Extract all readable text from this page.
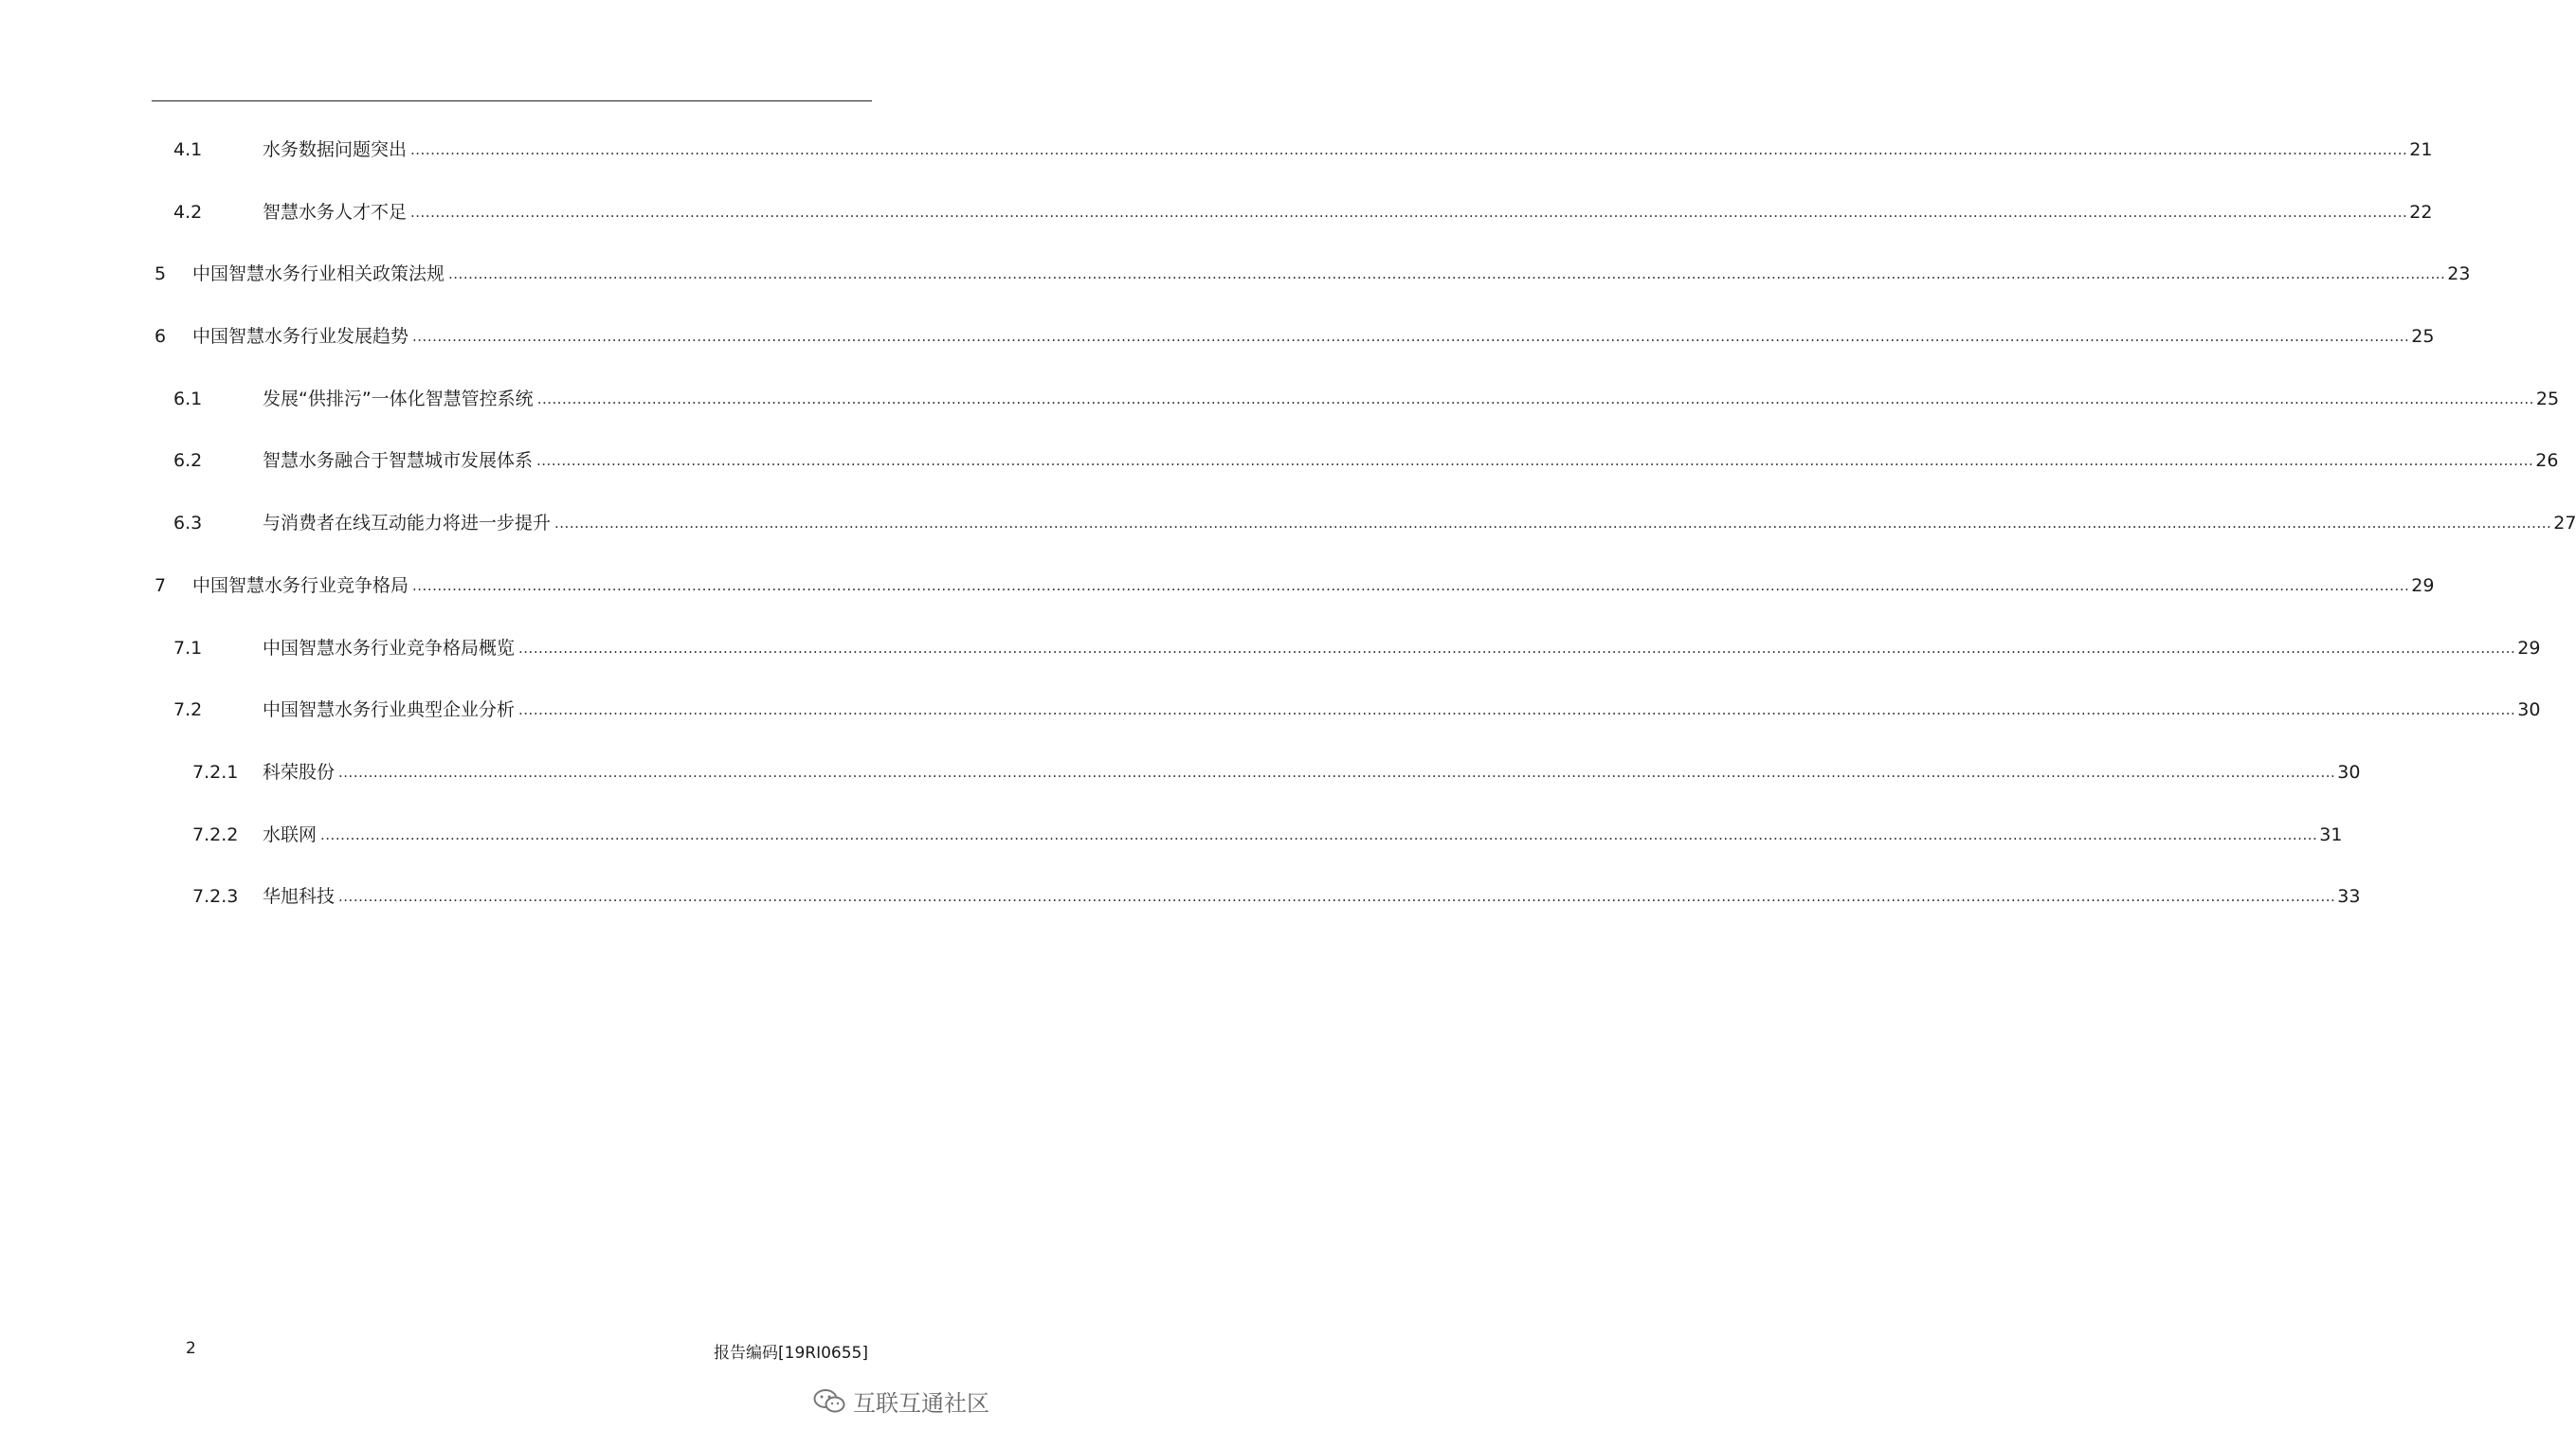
4.1	水务数据问题突出 ................................................................................................................................................................................................................................................................................................................................................................................................................ 21
4.2	智慧水务人才不足 ................................................................................................................................................................................................................................................................................................................................................................................................................ 22
5 中国智慧水务行业相关政策法规 ................................................................................................................................................................................................................................................................................................................................................................................................................ 23
6 中国智慧水务行业发展趋势 ................................................................................................................................................................................................................................................................................................................................................................................................................ 25
6.1	发展“供排污”一体化智慧管控系统 ................................................................................................................................................................................................................................................................................................................................................................................................................ 25
6.2	智慧水务融合于智慧城市发展体系 ................................................................................................................................................................................................................................................................................................................................................................................................................ 26
6.3	与消费者在线互动能力将进一步提升 ................................................................................................................................................................................................................................................................................................................................................................................................................ 27
7 中国智慧水务行业竞争格局 ................................................................................................................................................................................................................................................................................................................................................................................................................ 29
7.1	中国智慧水务行业竞争格局概览 ................................................................................................................................................................................................................................................................................................................................................................................................................ 29
7.2	中国智慧水务行业典型企业分析 ................................................................................................................................................................................................................................................................................................................................................................................................................ 30
7.2.1 科荣股份 ................................................................................................................................................................................................................................................................................................................................................................................................................ 30
7.2.2 水联网 ................................................................................................................................................................................................................................................................................................................................................................................................................ 31
7.2.3 华旭科技 ................................................................................................................................................................................................................................................................................................................................................................................................................ 33
2	报告编码[19RI0655]
互联互通社区
